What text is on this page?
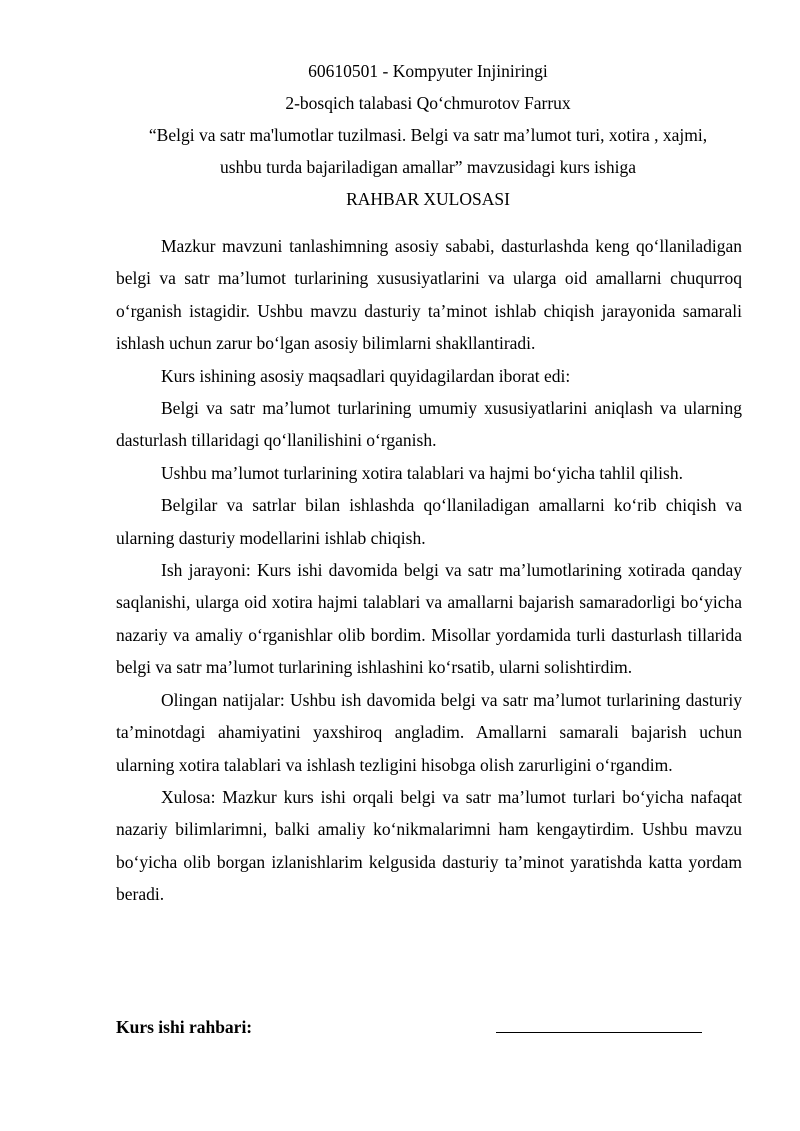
60610501 - Kompyuter Injiniringi

2-bosqich talabasi Qo‘chmurotov Farrux

“Belgi va satr ma'lumotlar tuzilmasi. Belgi va satr ma’lumot turi, xotira , xajmi,

ushbu turda bajariladigan amallar” mavzusidagi kurs ishiga

RAHBAR XULOSASI

Mazkur mavzuni tanlashimning asosiy sababi, dasturlashda keng qo‘llaniladigan belgi va satr ma’lumot turlarining xususiyatlarini va ularga oid amallarni chuqurroq o‘rganish istagidir. Ushbu mavzu dasturiy ta’minot ishlab chiqish jarayonida samarali ishlash uchun zarur bo‘lgan asosiy bilimlarni shakllantiradi.

Kurs ishining asosiy maqsadlari quyidagilardan iborat edi:

Belgi va satr ma’lumot turlarining umumiy xususiyatlarini aniqlash va ularning dasturlash tillaridagi qo‘llanilishini o‘rganish.

Ushbu ma’lumot turlarining xotira talablari va hajmi bo‘yicha tahlil qilish.

Belgilar va satrlar bilan ishlashda qo‘llaniladigan amallarni ko‘rib chiqish va ularning dasturiy modellarini ishlab chiqish.

Ish jarayoni: Kurs ishi davomida belgi va satr ma’lumotlarining xotirada qanday saqlanishi, ularga oid xotira hajmi talablari va amallarni bajarish samaradorligi bo‘yicha nazariy va amaliy o‘rganishlar olib bordim. Misollar yordamida turli dasturlash tillarida belgi va satr ma’lumot turlarining ishlashini ko‘rsatib, ularni solishtirdim.

Olingan natijalar: Ushbu ish davomida belgi va satr ma’lumot turlarining dasturiy ta’minotdagi ahamiyatini yaxshiroq angladim. Amallarni samarali bajarish uchun ularning xotira talablari va ishlash tezligini hisobga olish zarurligini o‘rgandim.

Xulosa: Mazkur kurs ishi orqali belgi va satr ma’lumot turlari bo‘yicha nafaqat nazariy bilimlarimni, balki amaliy ko‘nikmalarimni ham kengaytirdim. Ushbu mavzu bo‘yicha olib borgan izlanishlarim kelgusida dasturiy ta’minot yaratishda katta yordam beradi.

Kurs ishi rahbari:
